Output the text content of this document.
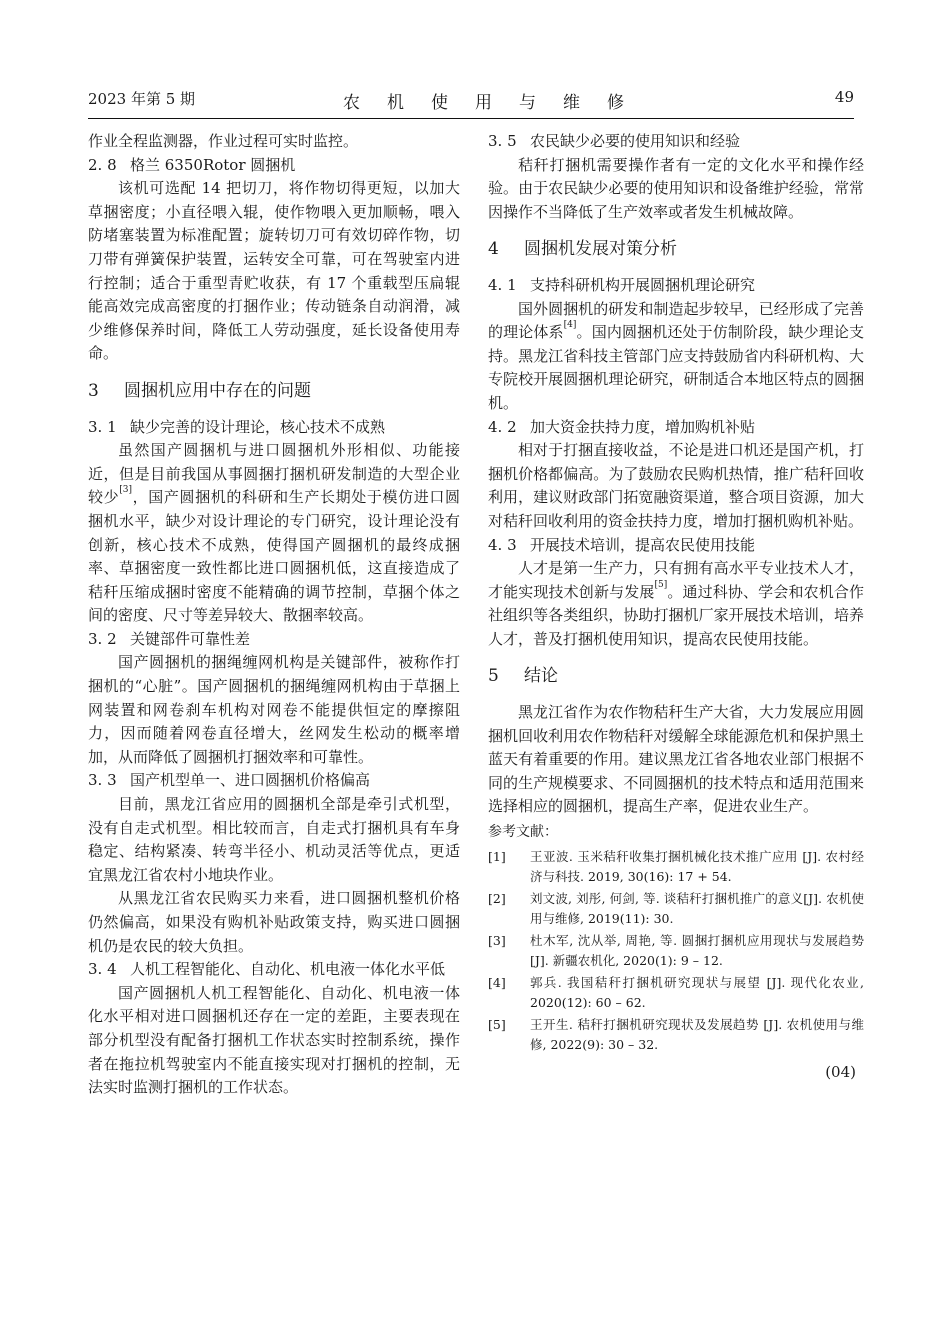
2023 年第 5 期	农机使用与维修	49

作业全程监测器，作业过程可实时监控。

2. 8 格兰 6350Rotor 圆捆机

该机可选配 14 把切刀，将作物切得更短，以加大草捆密度；小直径喂入辊，使作物喂入更加顺畅，喂入防堵塞装置为标准配置；旋转切刀可有效切碎作物，切刀带有弹簧保护装置，运转安全可靠，可在驾驶室内进行控制；适合于重型青贮收获，有 17 个重载型压扁辊能高效完成高密度的打捆作业；传动链条自动润滑，减少维修保养时间，降低工人劳动强度，延长设备使用寿命。

3 圆捆机应用中存在的问题
3. 1 缺少完善的设计理论，核心技术不成熟

虽然国产圆捆机与进口圆捆机外形相似、功能接近，但是目前我国从事圆捆打捆机研发制造的大型企业较少[3]，国产圆捆机的科研和生产长期处于模仿进口圆捆机水平，缺少对设计理论的专门研究，设计理论没有创新，核心技术不成熟，使得国产圆捆机的最终成捆率、草捆密度一致性都比进口圆捆机低，这直接造成了秸秆压缩成捆时密度不能精确的调节控制，草捆个体之间的密度、尺寸等差异较大、散捆率较高。

3. 2 关键部件可靠性差

国产圆捆机的捆绳缠网机构是关键部件，被称作打捆机的“心脏”。国产圆捆机的捆绳缠网机构由于草捆上网装置和网卷刹车机构对网卷不能提供恒定的摩擦阻力，因而随着网卷直径增大，丝网发生松动的概率增加，从而降低了圆捆机打捆效率和可靠性。

3. 3 国产机型单一、进口圆捆机价格偏高

目前，黑龙江省应用的圆捆机全部是牵引式机型，没有自走式机型。相比较而言，自走式打捆机具有车身稳定、结构紧凑、转弯半径小、机动灵活等优点，更适宜黑龙江省农村小地块作业。

从黑龙江省农民购买力来看，进口圆捆机整机价格仍然偏高，如果没有购机补贴政策支持，购买进口圆捆机仍是农民的较大负担。

3. 4 人机工程智能化、自动化、机电液一体化水平低

国产圆捆机人机工程智能化、自动化、机电液一体化水平相对进口圆捆机还存在一定的差距，主要表现在部分机型没有配备打捆机工作状态实时控制系统，操作者在拖拉机驾驶室内不能直接实现对打捆机的控制，无法实时监测打捆机的工作状态。

3. 5 农民缺少必要的使用知识和经验

秸秆打捆机需要操作者有一定的文化水平和操作经验。由于农民缺少必要的使用知识和设备维护经验，常常因操作不当降低了生产效率或者发生机械故障。

4 圆捆机发展对策分析
4. 1 支持科研机构开展圆捆机理论研究

国外圆捆机的研发和制造起步较早，已经形成了完善的理论体系[4]。国内圆捆机还处于仿制阶段，缺少理论支持。黑龙江省科技主管部门应支持鼓励省内科研机构、大专院校开展圆捆机理论研究，研制适合本地区特点的圆捆机。

4. 2 加大资金扶持力度，增加购机补贴

相对于打捆直接收益，不论是进口机还是国产机，打捆机价格都偏高。为了鼓励农民购机热情，推广秸秆回收利用，建议财政部门拓宽融资渠道，整合项目资源，加大对秸秆回收利用的资金扶持力度，增加打捆机购机补贴。

4. 3 开展技术培训，提高农民使用技能

人才是第一生产力，只有拥有高水平专业技术人才，才能实现技术创新与发展[5]。通过科协、学会和农机合作社组织等各类组织，协助打捆机厂家开展技术培训，培养人才，普及打捆机使用知识，提高农民使用技能。

5 结论

黑龙江省作为农作物秸秆生产大省，大力发展应用圆捆机回收利用农作物秸秆对缓解全球能源危机和保护黑土蓝天有着重要的作用。建议黑龙江省各地农业部门根据不同的生产规模要求、不同圆捆机的技术特点和适用范围来选择相应的圆捆机，提高生产率，促进农业生产。

参考文献：
[1]	王亚波. 玉米秸秆收集打捆机械化技术推广应用 [J]. 农村经济与科技. 2019, 30(16): 17 + 54.
[2]	刘文波, 刘彤, 何剑, 等. 谈秸秆打捆机推广的意义[J]. 农机使用与维修, 2019(11): 30.
[3]	杜木军, 沈从举, 周艳, 等. 圆捆打捆机应用现状与发展趋势 [J]. 新疆农机化, 2020(1): 9 – 12.
[4]	郭兵. 我国秸秆打捆机研究现状与展望 [J]. 现代化农业, 2020(12): 60 – 62.
[5]	王开生. 秸秆打捆机研究现状及发展趋势 [J]. 农机使用与维修, 2022(9): 30 – 32.
(04)
